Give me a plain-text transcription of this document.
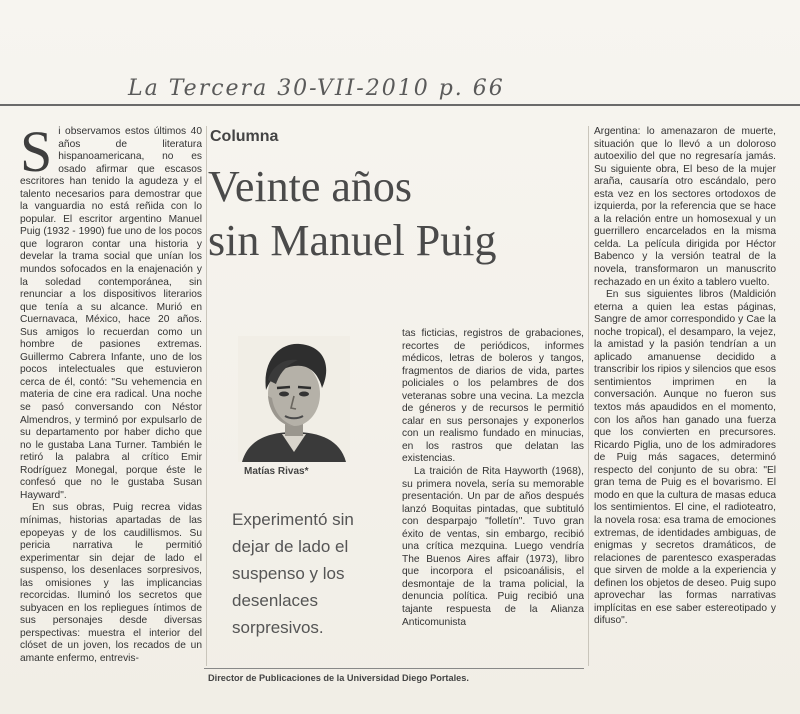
La Tercera 30-VII-2010 p. 66

Si observamos estos últimos 40 años de literatura hispanoamericana, no es osado afirmar que escasos escritores han tenido la agudeza y el talento necesarios para demostrar que la vanguardia no está reñida con lo popular. El escritor argentino Manuel Puig (1932 - 1990) fue uno de los pocos que lograron contar una historia y develar la trama social que unían los mundos sofocados en la enajenación y la soledad contemporánea, sin renunciar a los dispositivos literarios que tenía a su alcance. Murió en Cuernavaca, México, hace 20 años. Sus amigos lo recuerdan como un hombre de pasiones extremas. Guillermo Cabrera Infante, uno de los pocos intelectuales que estuvieron cerca de él, contó: "Su vehemencia en materia de cine era radical. Una noche se pasó conversando con Néstor Almendros, y terminó por expulsarlo de su departamento por haber dicho que no le gustaba Lana Turner. También le retiró la palabra al crítico Emir Rodríguez Monegal, porque éste le confesó que no le gustaba Susan Hayward".

En sus obras, Puig recrea vidas mínimas, historias apartadas de las epopeyas y de los caudillismos. Su pericia narrativa le permitió experimentar sin dejar de lado el suspenso, los desenlaces sorpresivos, las omisiones y las implicancias recorcidas. Iluminó los secretos que subyacen en los repliegues íntimos de sus personajes desde diversas perspectivas: muestra el interior del clóset de un joven, los recados de un amante enfermo, entrevis-

Columna
Veinte años
sin Manuel Puig
Matías Rivas*
Experimentó sin dejar de lado el suspenso y los desenlaces sorpresivos.

tas ficticias, registros de grabaciones, recortes de periódicos, informes médicos, letras de boleros y tangos, fragmentos de diarios de vida, partes policiales o los pelambres de dos veteranas sobre una vecina. La mezcla de géneros y de recursos le permitió calar en sus personajes y exponerlos con un realismo fundado en minucias, en los rastros que delatan las existencias.

La traición de Rita Hayworth (1968), su primera novela, sería su memorable presentación. Un par de años después lanzó Boquitas pintadas, que subtituló con desparpajo "folletín". Tuvo gran éxito de ventas, sin embargo, recibió una crítica mezquina. Luego vendría The Buenos Aires affair (1973), libro que incorpora el psicoanálisis, el desmontaje de la trama policial, la denuncia política. Puig recibió una tajante respuesta de la Alianza Anticomunista

Argentina: lo amenazaron de muerte, situación que lo llevó a un doloroso autoexilio del que no regresaría jamás. Su siguiente obra, El beso de la mujer araña, causaría otro escándalo, pero esta vez en los sectores ortodoxos de izquierda, por la referencia que se hace a la relación entre un homosexual y un guerrillero encarcelados en la misma celda. La película dirigida por Héctor Babenco y la versión teatral de la novela, transformaron un manuscrito rechazado en un éxito a tablero vuelto.

En sus siguientes libros (Maldición eterna a quien lea estas páginas, Sangre de amor correspondido y Cae la noche tropical), el desamparo, la vejez, la amistad y la pasión tendrían a un aplicado amanuense decidido a transcribir los ripios y silencios que esos sentimientos imprimen en la conversación. Aunque no fueron sus textos más apaudidos en el momento, con los años han ganado una fuerza que los convierten en precursores. Ricardo Piglia, uno de los admiradores de Puig más sagaces, determinó respecto del conjunto de su obra: "El gran tema de Puig es el bovarismo. El modo en que la cultura de masas educa los sentimientos. El cine, el radioteatro, la novela rosa: esa trama de emociones extremas, de identidades ambiguas, de enigmas y secretos dramáticos, de relaciones de parentesco exasperadas que sirven de molde a la experiencia y definen los objetos de deseo. Puig supo aprovechar las formas narrativas implícitas en ese saber estereotipado y difuso".

Director de Publicaciones de la Universidad Diego Portales.
